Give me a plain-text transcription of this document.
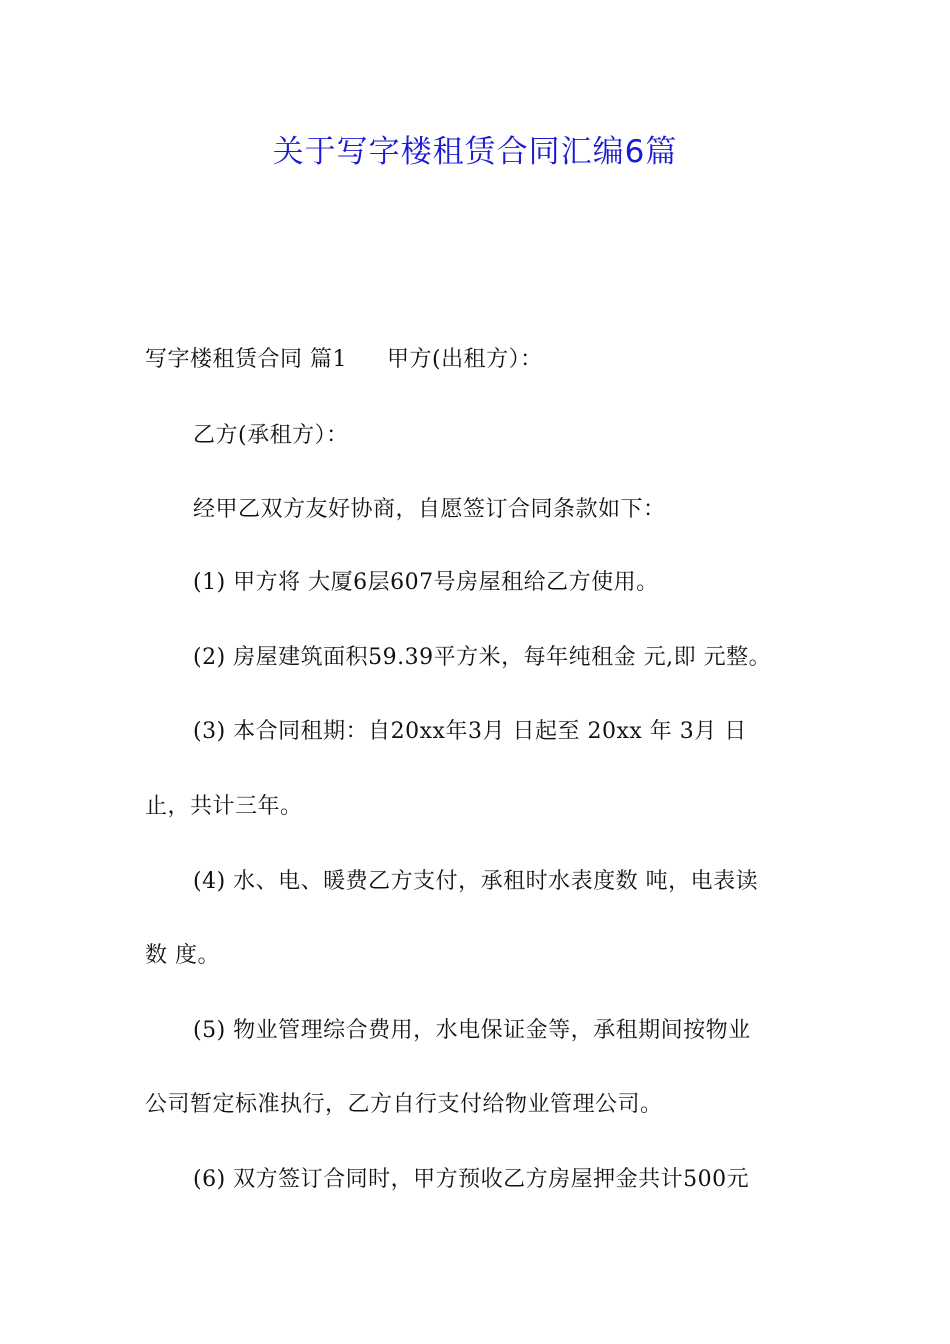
关于写字楼租赁合同汇编6篇
写字楼租赁合同 篇1 甲方(出租方）：
乙方(承租方）：
经甲乙双方友好协商，自愿签订合同条款如下：
(1) 甲方将 大厦6层607号房屋租给乙方使用。
(2) 房屋建筑面积59.39平方米，每年纯租金 元,即 元整。
(3) 本合同租期：自20xx年3月 日起至 20xx 年 3月 日
止，共计三年。
(4) 水、电、暖费乙方支付，承租时水表度数 吨，电表读
数 度。
(5) 物业管理综合费用，水电保证金等，承租期间按物业
公司暂定标准执行，乙方自行支付给物业管理公司。
(6) 双方签订合同时，甲方预收乙方房屋押金共计500元
